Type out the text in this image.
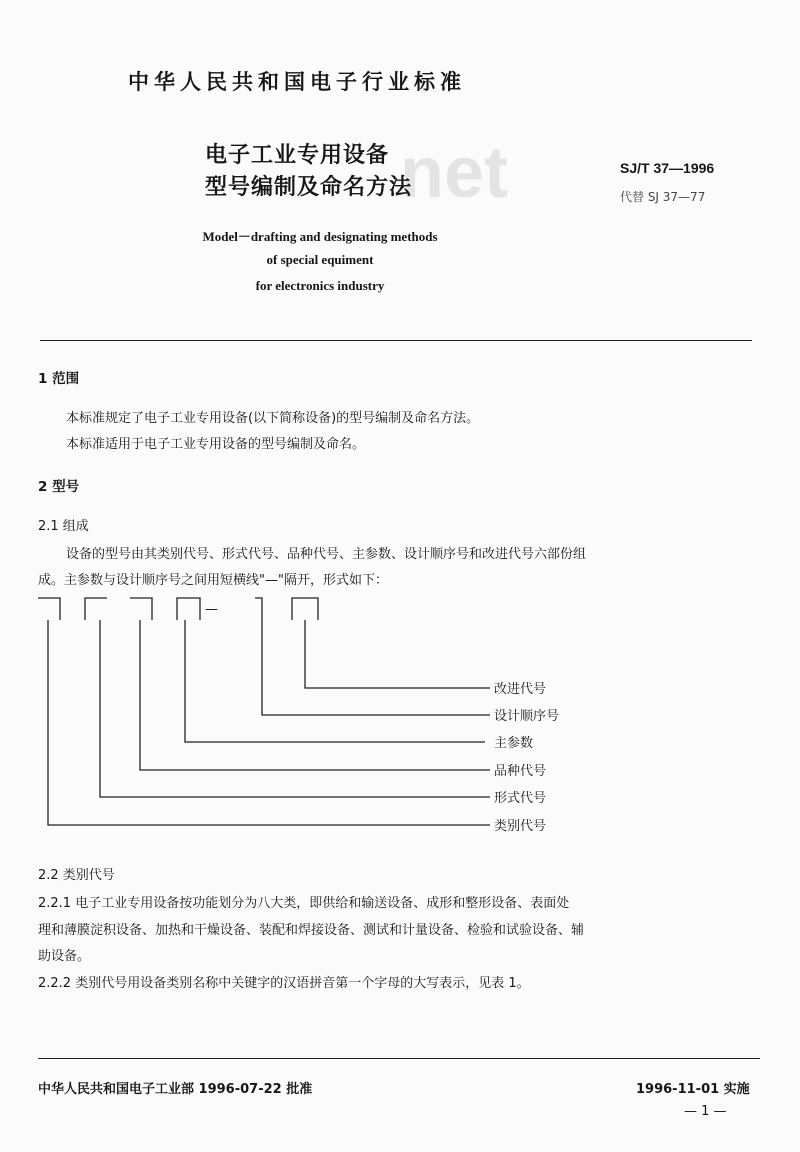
net
中华人民共和国电子行业标准
电子工业专用设备
型号编制及命名方法
SJ/T 37—1996
代替 SJ 37—77
Model－drafting and designating methods
of special equiment
for electronics industry
1 范围
本标准规定了电子工业专用设备(以下简称设备)的型号编制及命名方法。
本标准适用于电子工业专用设备的型号编制及命名。
2 型号
2.1 组成
设备的型号由其类别代号、形式代号、品种代号、主参数、设计顺序号和改进代号六部份组
成。主参数与设计顺序号之间用短横线"—"隔开，形式如下：
—
改进代号
设计顺序号
主参数
品种代号
形式代号
类别代号
2.2 类别代号
2.2.1 电子工业专用设备按功能划分为八大类，即供给和输送设备、成形和整形设备、表面处
理和薄膜淀积设备、加热和干燥设备、装配和焊接设备、测试和计量设备、检验和试验设备、辅
助设备。
2.2.2 类别代号用设备类别名称中关键字的汉语拼音第一个字母的大写表示，见表 1。
中华人民共和国电子工业部 1996-07-22 批准	1996-11-01 实施
— 1 —
